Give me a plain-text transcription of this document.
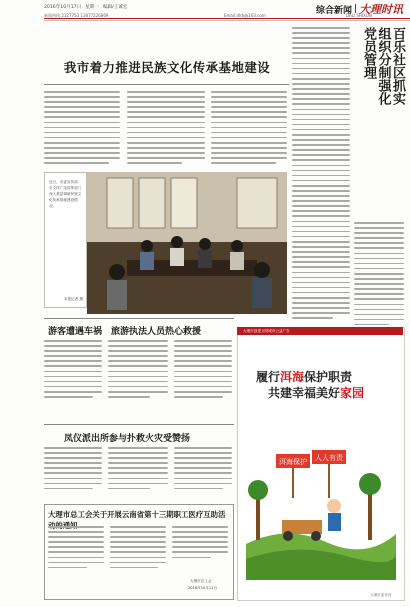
2016年10月17日 星期一 编辑/王诚宏	综合新闻 大理时讯
新闻热线:2127753 13877226869	Email:dlrb@163.com	DALI SHIXUN
我市着力推进民族文化传承基地建设	百乐社区抓实
组织分制强化
党员管理
近日，市委宣传部、市文体广电局等部门深入基层调研民族文化传承基地建设情况。
本报记者 摄
游客遭遇车祸　旅游执法人员热心救援
凤仪派出所参与扑救火灾受赞扬
大理市总工会关于开展云南省第十三期职工医疗互助活
大理市总工会
2016年10月11日
大理市创建文明城市公益广告
履行洱海保护职责
共建幸福美好家园
洱海保护 人人有责
大理市委宣传
